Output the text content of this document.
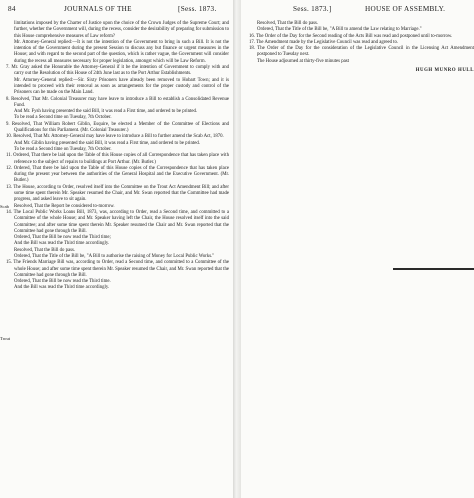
84	JOURNALS OF THE	[Sess. 1873.

limitations imposed by the Charter of Justice upon the choice of the Crown Judges of the Supreme Court; and further, whether the Government will, during the recess, consider the desirability of preparing for submission to this House comprehensive measures of Law reform?

Mr. Attorney-General replied:—It is not the intention of the Government to bring in such a Bill. It is not the intention of the Government during the present Session to discuss any but finance or urgent measures in the House; and with regard to the second part of the question, which is rather vague, the Government will consider during the recess all measures necessary for proper legislation, amongst which will be Law Reform.

7. Mr. Gray asked the Honorable the Attorney-General if it be the intention of Government to comply with and carry out the Resolution of this House of 24th June last as to the Port Arthur Establishments.

Mr. Attorney-General replied:—Sir. Sixty Prisoners have already been removed to Hobart Town; and it is intended to proceed with their removal as soon as arrangements for the proper custody and control of the Prisoners can be made on the Main Land.

8. Resolved, That Mr. Colonial Treasurer may have leave to introduce a Bill to establish a Consolidated Revenue Fund.

And Mr. Fysh having presented the said Bill, it was read a First time, and ordered to be printed.

To be read a Second time on Tuesday, 7th October.

9. Resolved, That William Robert Giblin, Esquire, be elected a Member of the Committee of Elections and Qualifications for this Parliament. (Mr. Colonial Treasurer.)

10. Resolved, That Mr. Attorney-General may have leave to introduce a Bill to further amend the Scab Act, 1870.

And Mr. Giblin having presented the said Bill, it was read a First time, and ordered to be printed.

To be read a Second time on Tuesday, 7th October.

11. Ordered, That there be laid upon the Table of this House copies of all Correspondence that has taken place with reference to the subject of repairs to buildings at Port Arthur. (Mr. Butler.)

12. Ordered, That there be laid upon the Table of this House copies of the Correspondence that has taken place during the present year between the authorities of the General Hospital and the Executive Government. (Mr. Butler.)

13. The House, according to Order, resolved itself into the Committee on the Trout Act Amendment Bill; and after some time spent therein Mr. Speaker resumed the Chair, and Mr. Swan reported that the Committee had made progress, and asked leave to sit again.

Resolved, That the Report be considered to-morrow.

14. The Local Public Works Loans Bill, 1873, was, according to Order, read a Second time, and committed to a Committee of the whole House; and Mr. Speaker having left the Chair, the House resolved itself into the said Committee; and after some time spent therein Mr. Speaker resumed the Chair and Mr. Swan reported that the Committee had gone through the Bill.

Ordered, That the Bill be now read the Third time;

And the Bill was read the Third time accordingly.

Resolved, That the Bill do pass.

Ordered, That the Title of the Bill be, "A Bill to authorise the raising of Money for Local Public Works."

15. The Friends Marriage Bill was, according to Order, read a Second time, and committed to a Committee of the whole House; and after some time spent therein Mr. Speaker resumed the Chair, and Mr. Swan reported that the Committee had gone through the Bill.

Ordered, That the Bill be now read the Third time.

And the Bill was read the Third time accordingly.

Scab
Trout
Sess. 1873.]	HOUSE OF ASSEMBLY.

Resolved, That the Bill do pass.

Ordered, That the Title of the Bill be, "A Bill to amend the Law relating to Marriage."

16. The Order of the Day for the Second reading of the Acts Bill was read and postponed until to-morrow.

17. The Amendment made by the Legislative Council was read and agreed to.

18. The Order of the Day for the consideration of the Legislative Council in the Licensing Act Amendment postponed to Tuesday next.

The House adjourned at thirty-five minutes past

HUGH MUNRO HULL
